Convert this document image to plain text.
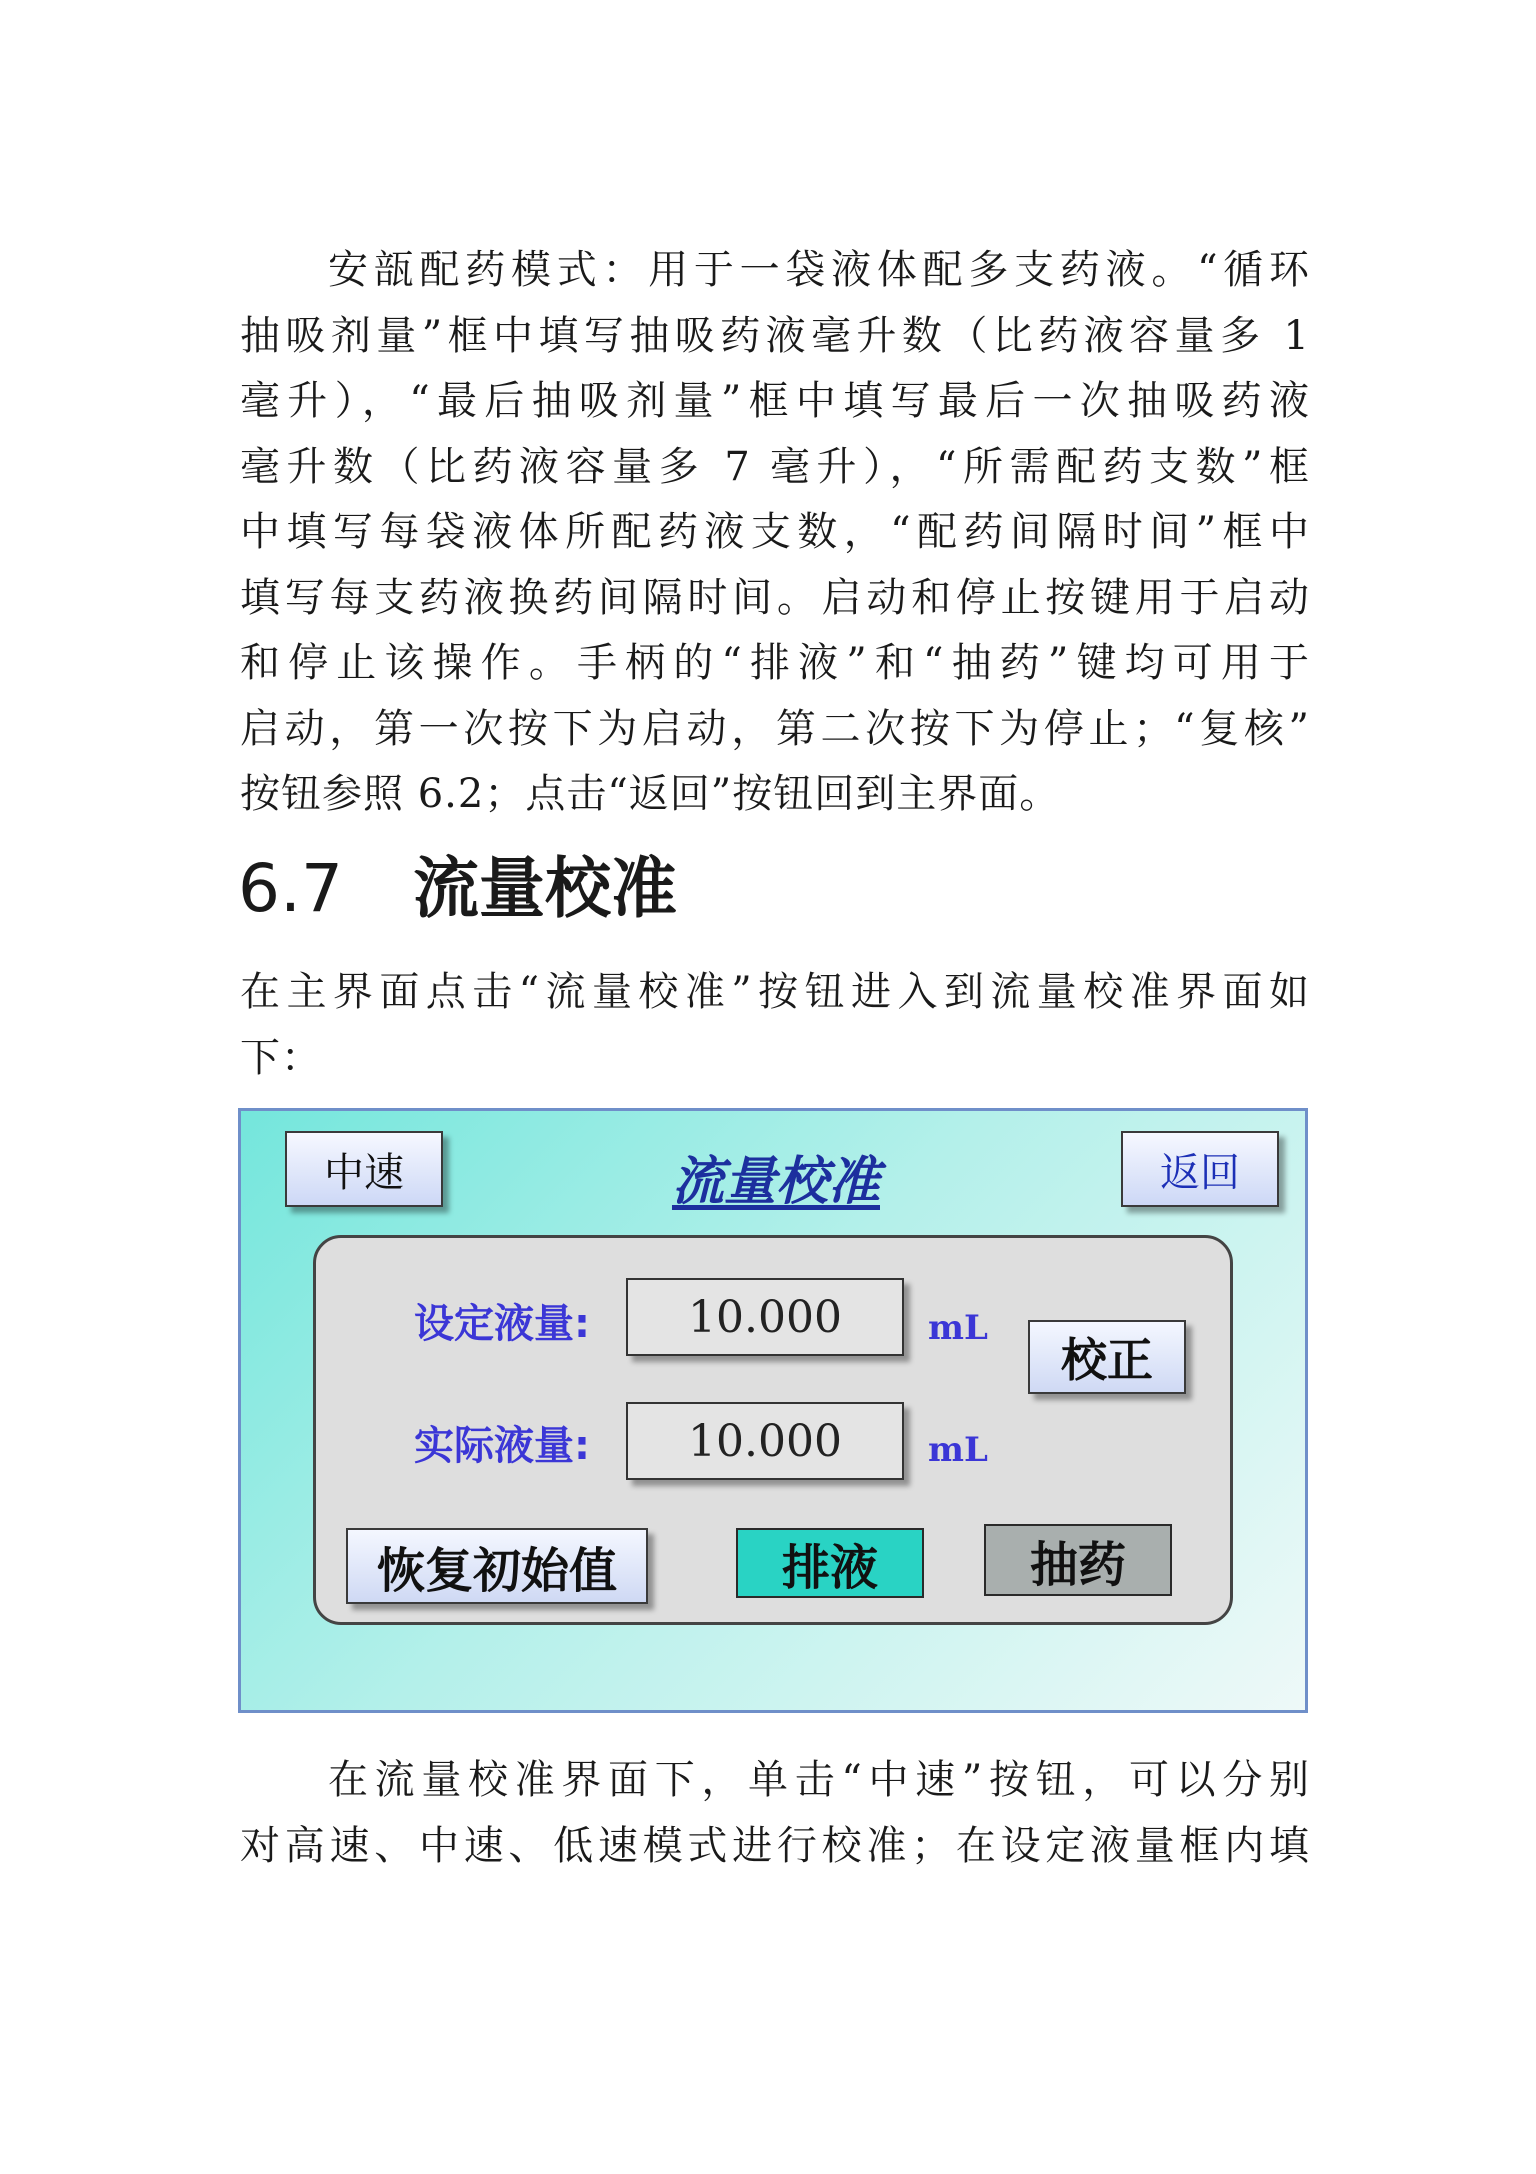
安瓿配药模式：用于一袋液体配多支药液。“循环
抽吸剂量”框中填写抽吸药液毫升数（比药液容量多 1
毫升），“最后抽吸剂量”框中填写最后一次抽吸药液
毫升数（比药液容量多 7 毫升），“所需配药支数”框
中填写每袋液体所配药液支数，“配药间隔时间”框中
填写每支药液换药间隔时间。启动和停止按键用于启动
和停止该操作。手柄的“排液”和“抽药”键均可用于
启动，第一次按下为启动，第二次按下为停止；“复核”
按钮参照 6.2；点击“返回”按钮回到主界面。
6.7 流量校准
在主界面点击“流量校准”按钮进入到流量校准界面如
下：
中速	流量校准	返回
设定液量:	10.000	mL
实际液量:	10.000	mL
校正
恢复初始值	排液	抽药
在流量校准界面下，单击“中速”按钮，可以分别
对高速、中速、低速模式进行校准；在设定液量框内填
